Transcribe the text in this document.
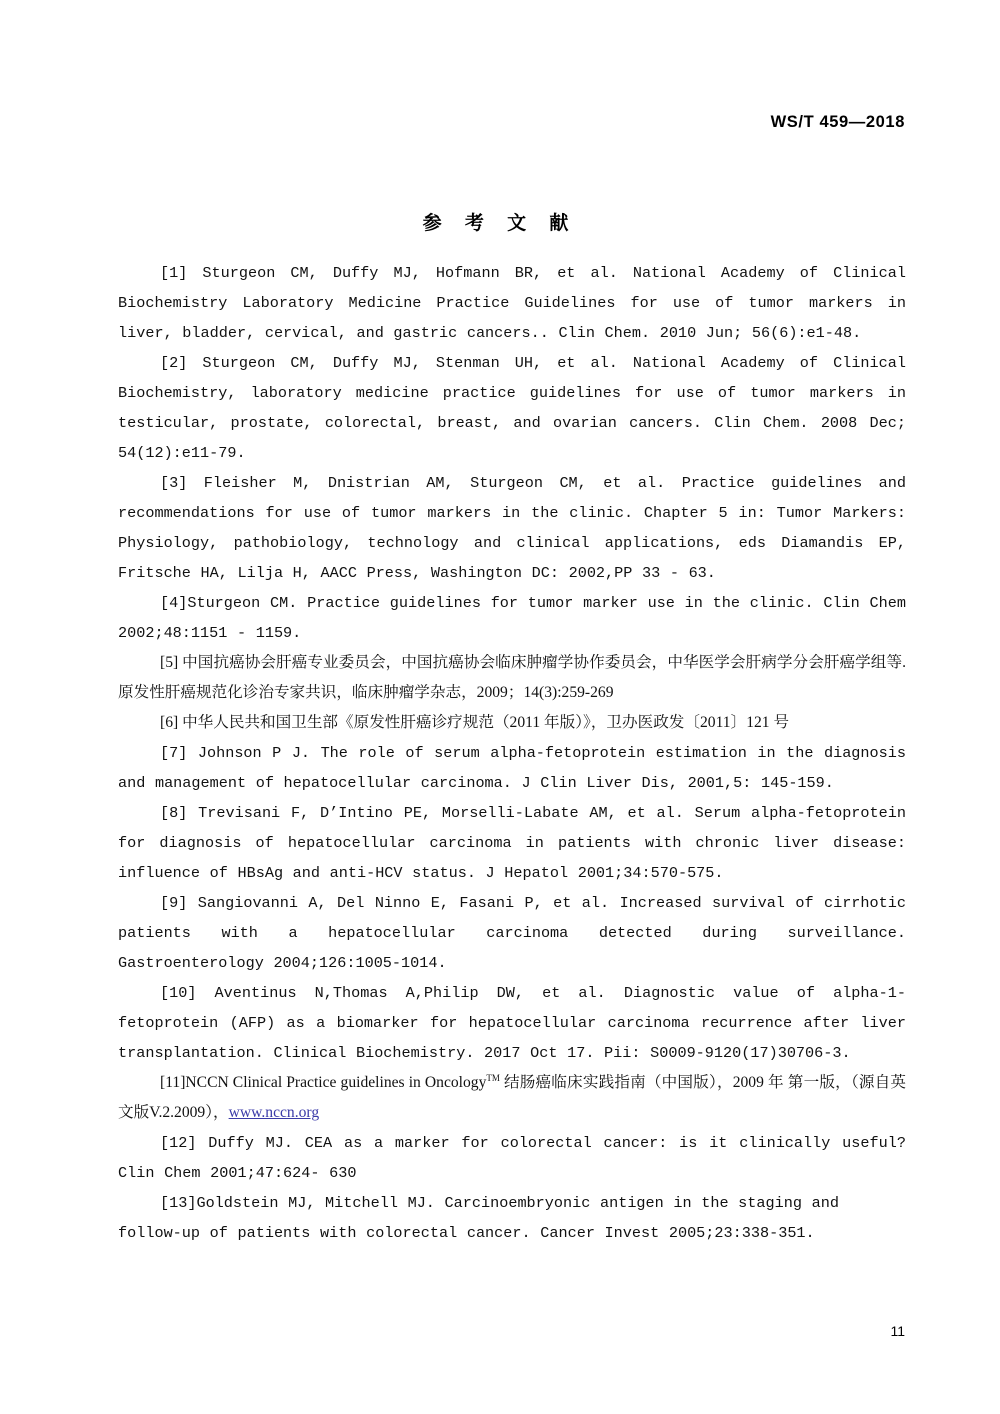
WS/T 459—2018
参 考 文 献

[1] Sturgeon CM, Duffy MJ, Hofmann BR, et al. National Academy of Clinical Biochemistry Laboratory Medicine Practice Guidelines for use of tumor markers in liver, bladder, cervical, and gastric cancers.. Clin Chem. 2010 Jun; 56(6):e1-48.

[2] Sturgeon CM, Duffy MJ, Stenman UH, et al. National Academy of Clinical Biochemistry, laboratory medicine practice guidelines for use of tumor markers in testicular, prostate, colorectal, breast, and ovarian cancers. Clin Chem. 2008 Dec; 54(12):e11-79.

[3] Fleisher M, Dnistrian AM, Sturgeon CM, et al. Practice guidelines and recommendations for use of tumor markers in the clinic. Chapter 5 in: Tumor Markers: Physiology, pathobiology, technology and clinical applications, eds Diamandis EP, Fritsche HA, Lilja H, AACC Press, Washington DC: 2002,PP 33 - 63.

[4]Sturgeon CM. Practice guidelines for tumor marker use in the clinic. Clin Chem 2002;48:1151 - 1159.

[5] 中国抗癌协会肝癌专业委员会，中国抗癌协会临床肿瘤学协作委员会，中华医学会肝病学分会肝癌学组等. 原发性肝癌规范化诊治专家共识，临床肿瘤学杂志，2009；14(3):259-269

[6] 中华人民共和国卫生部《原发性肝癌诊疗规范（2011 年版）》，卫办医政发〔2011〕121 号

[7] Johnson P J. The role of serum alpha-fetoprotein estimation in the diagnosis and management of hepatocellular carcinoma. J Clin Liver Dis, 2001,5: 145-159.

[8] Trevisani F, D’Intino PE, Morselli-Labate AM, et al. Serum alpha-fetoprotein for diagnosis of hepatocellular carcinoma in patients with chronic liver disease: influence of HBsAg and anti-HCV status. J Hepatol 2001;34:570-575.

[9] Sangiovanni A, Del Ninno E, Fasani P, et al. Increased survival of cirrhotic patients with a hepatocellular carcinoma detected during surveillance. Gastroenterology 2004;126:1005-1014.

[10] Aventinus N,Thomas A,Philip DW, et al. Diagnostic value of alpha-1-fetoprotein (AFP) as a biomarker for hepatocellular carcinoma recurrence after liver transplantation. Clinical Biochemistry. 2017 Oct 17. Pii: S0009-9120(17)30706-3.

[11]NCCN Clinical Practice guidelines in Oncology™ 结肠癌临床实践指南（中国版），2009 年 第一版，（源自英文版V.2.2009），www.nccn.org

[12] Duffy MJ. CEA as a marker for colorectal cancer: is it clinically useful? Clin Chem 2001;47:624- 630

[13]Goldstein MJ, Mitchell MJ. Carcinoembryonic antigen in the staging and follow-up of patients with colorectal cancer. Cancer Invest 2005;23:338-351.

11
